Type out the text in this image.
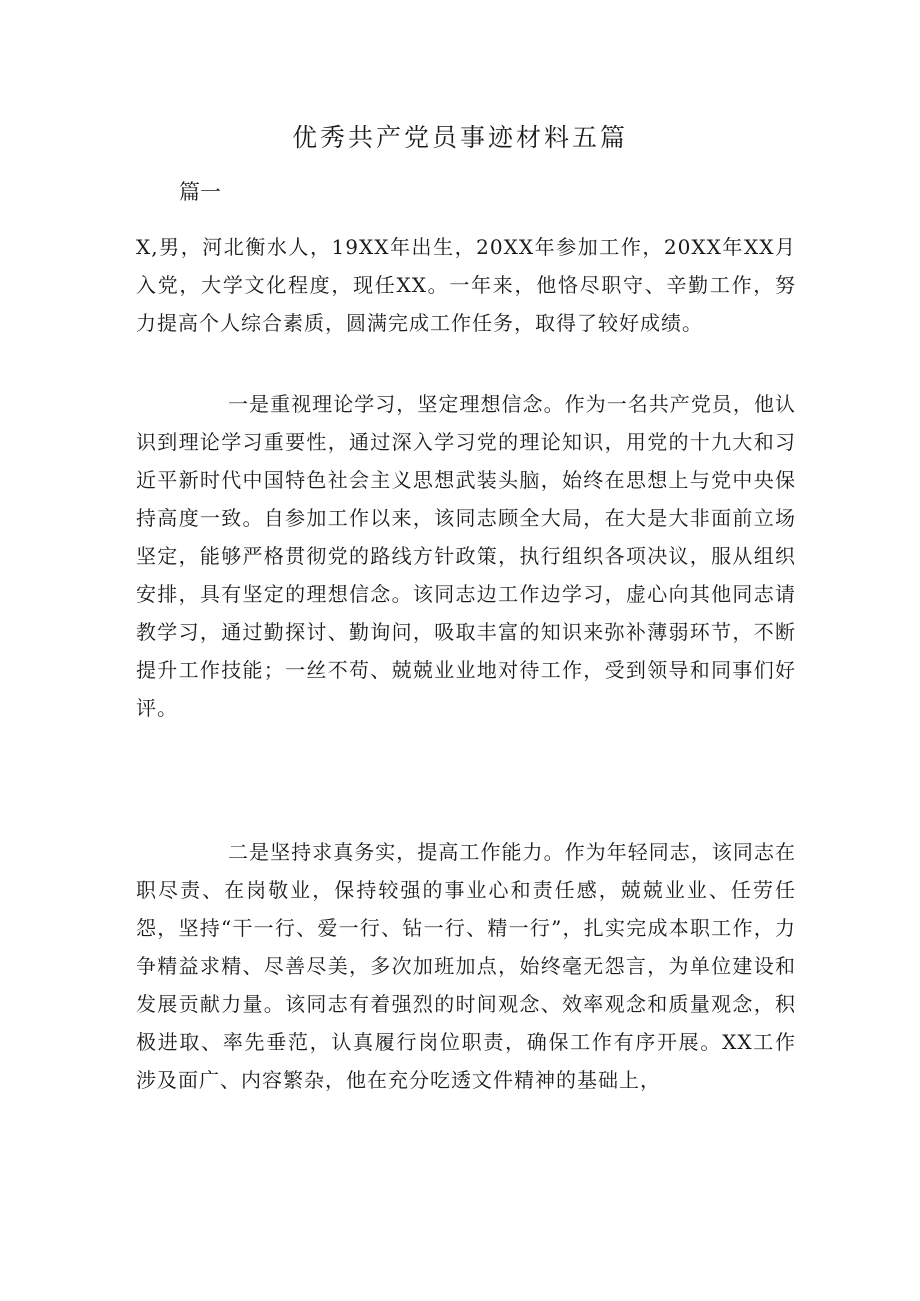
优秀共产党员事迹材料五篇

篇一

X,男，河北衡水人，19XX年出生，20XX年参加工作，20XX年XX月入党，大学文化程度，现任XX。一年来，他恪尽职守、辛勤工作，努力提高个人综合素质，圆满完成工作任务，取得了较好成绩。

一是重视理论学习，坚定理想信念。作为一名共产党员，他认识到理论学习重要性，通过深入学习党的理论知识，用党的十九大和习近平新时代中国特色社会主义思想武装头脑，始终在思想上与党中央保持高度一致。自参加工作以来，该同志顾全大局，在大是大非面前立场坚定，能够严格贯彻党的路线方针政策，执行组织各项决议，服从组织安排，具有坚定的理想信念。该同志边工作边学习，虚心向其他同志请教学习，通过勤探讨、勤询问，吸取丰富的知识来弥补薄弱环节，不断提升工作技能；一丝不苟、兢兢业业地对待工作，受到领导和同事们好评。

二是坚持求真务实，提高工作能力。作为年轻同志，该同志在职尽责、在岗敬业，保持较强的事业心和责任感，兢兢业业、任劳任怨，坚持“干一行、爱一行、钻一行、精一行”，扎实完成本职工作，力争精益求精、尽善尽美，多次加班加点，始终毫无怨言，为单位建设和发展贡献力量。该同志有着强烈的时间观念、效率观念和质量观念，积极进取、率先垂范，认真履行岗位职责，确保工作有序开展。XX工作涉及面广、内容繁杂，他在充分吃透文件精神的基础上，
